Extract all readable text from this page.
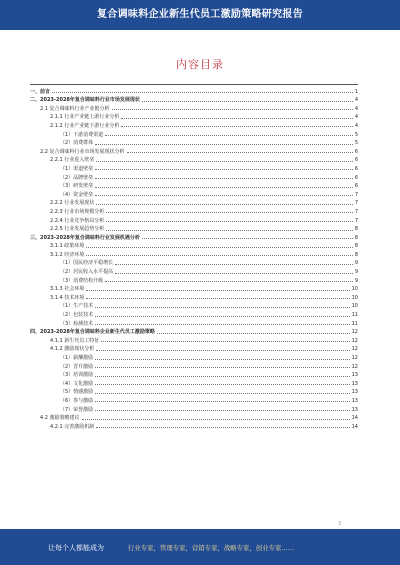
复合调味料企业新生代员工激励策略研究报告
内容目录
一、前言	1
二、2023-2028年复合调味料行业市场发展现状	4
2.1 复合调味料行业产业链分析	4
2.1.1 行业产业链上游行业分析	4
2.1.2 行业产业链下游行业分析	4
（1）下游消费渠道	5
（2）消费群体	5
2.2 复合调味料行业市场发展现状分析	6
2.2.1 行业进入壁垒	6
（1）渠道壁垒	6
（2）品牌壁垒	6
（3）研发壁垒	6
（4）资金壁垒	7
2.2.2 行业发展现状	7
2.2.3 行业市场规模分析	7
2.2.4 行业竞争格局分析	7
2.2.5 行业发展趋势分析	8
三、2023-2028年复合调味料行业发展机遇分析	8
3.1.1 政策环境	8
3.1.2 经济环境	8
（1）国民经济平稳增长	9
（2）居民收入水平提高	9
（3）消费结构升级	9
3.1.3 社会环境	10
3.1.4 技术环境	10
（1）生产技术	10
（2）包装技术	11
（3）检测技术	11
四、2023-2028年复合调味料企业新生代员工激励策略	12
4.1.1 新生代员工特征	12
4.1.2 激励现状分析	12
（1）薪酬激励	12
（2）晋升激励	12
（3）培训激励	13
（4）文化激励	13
（5）情感激励	13
（6）参与激励	13
（7）荣誉激励	13
4.2 激励策略建议	14
4.2.1 完善激励机制	14
3
让每个人都能成为	行业专家，管理专家，营销专家，战略专家，创业专家……
